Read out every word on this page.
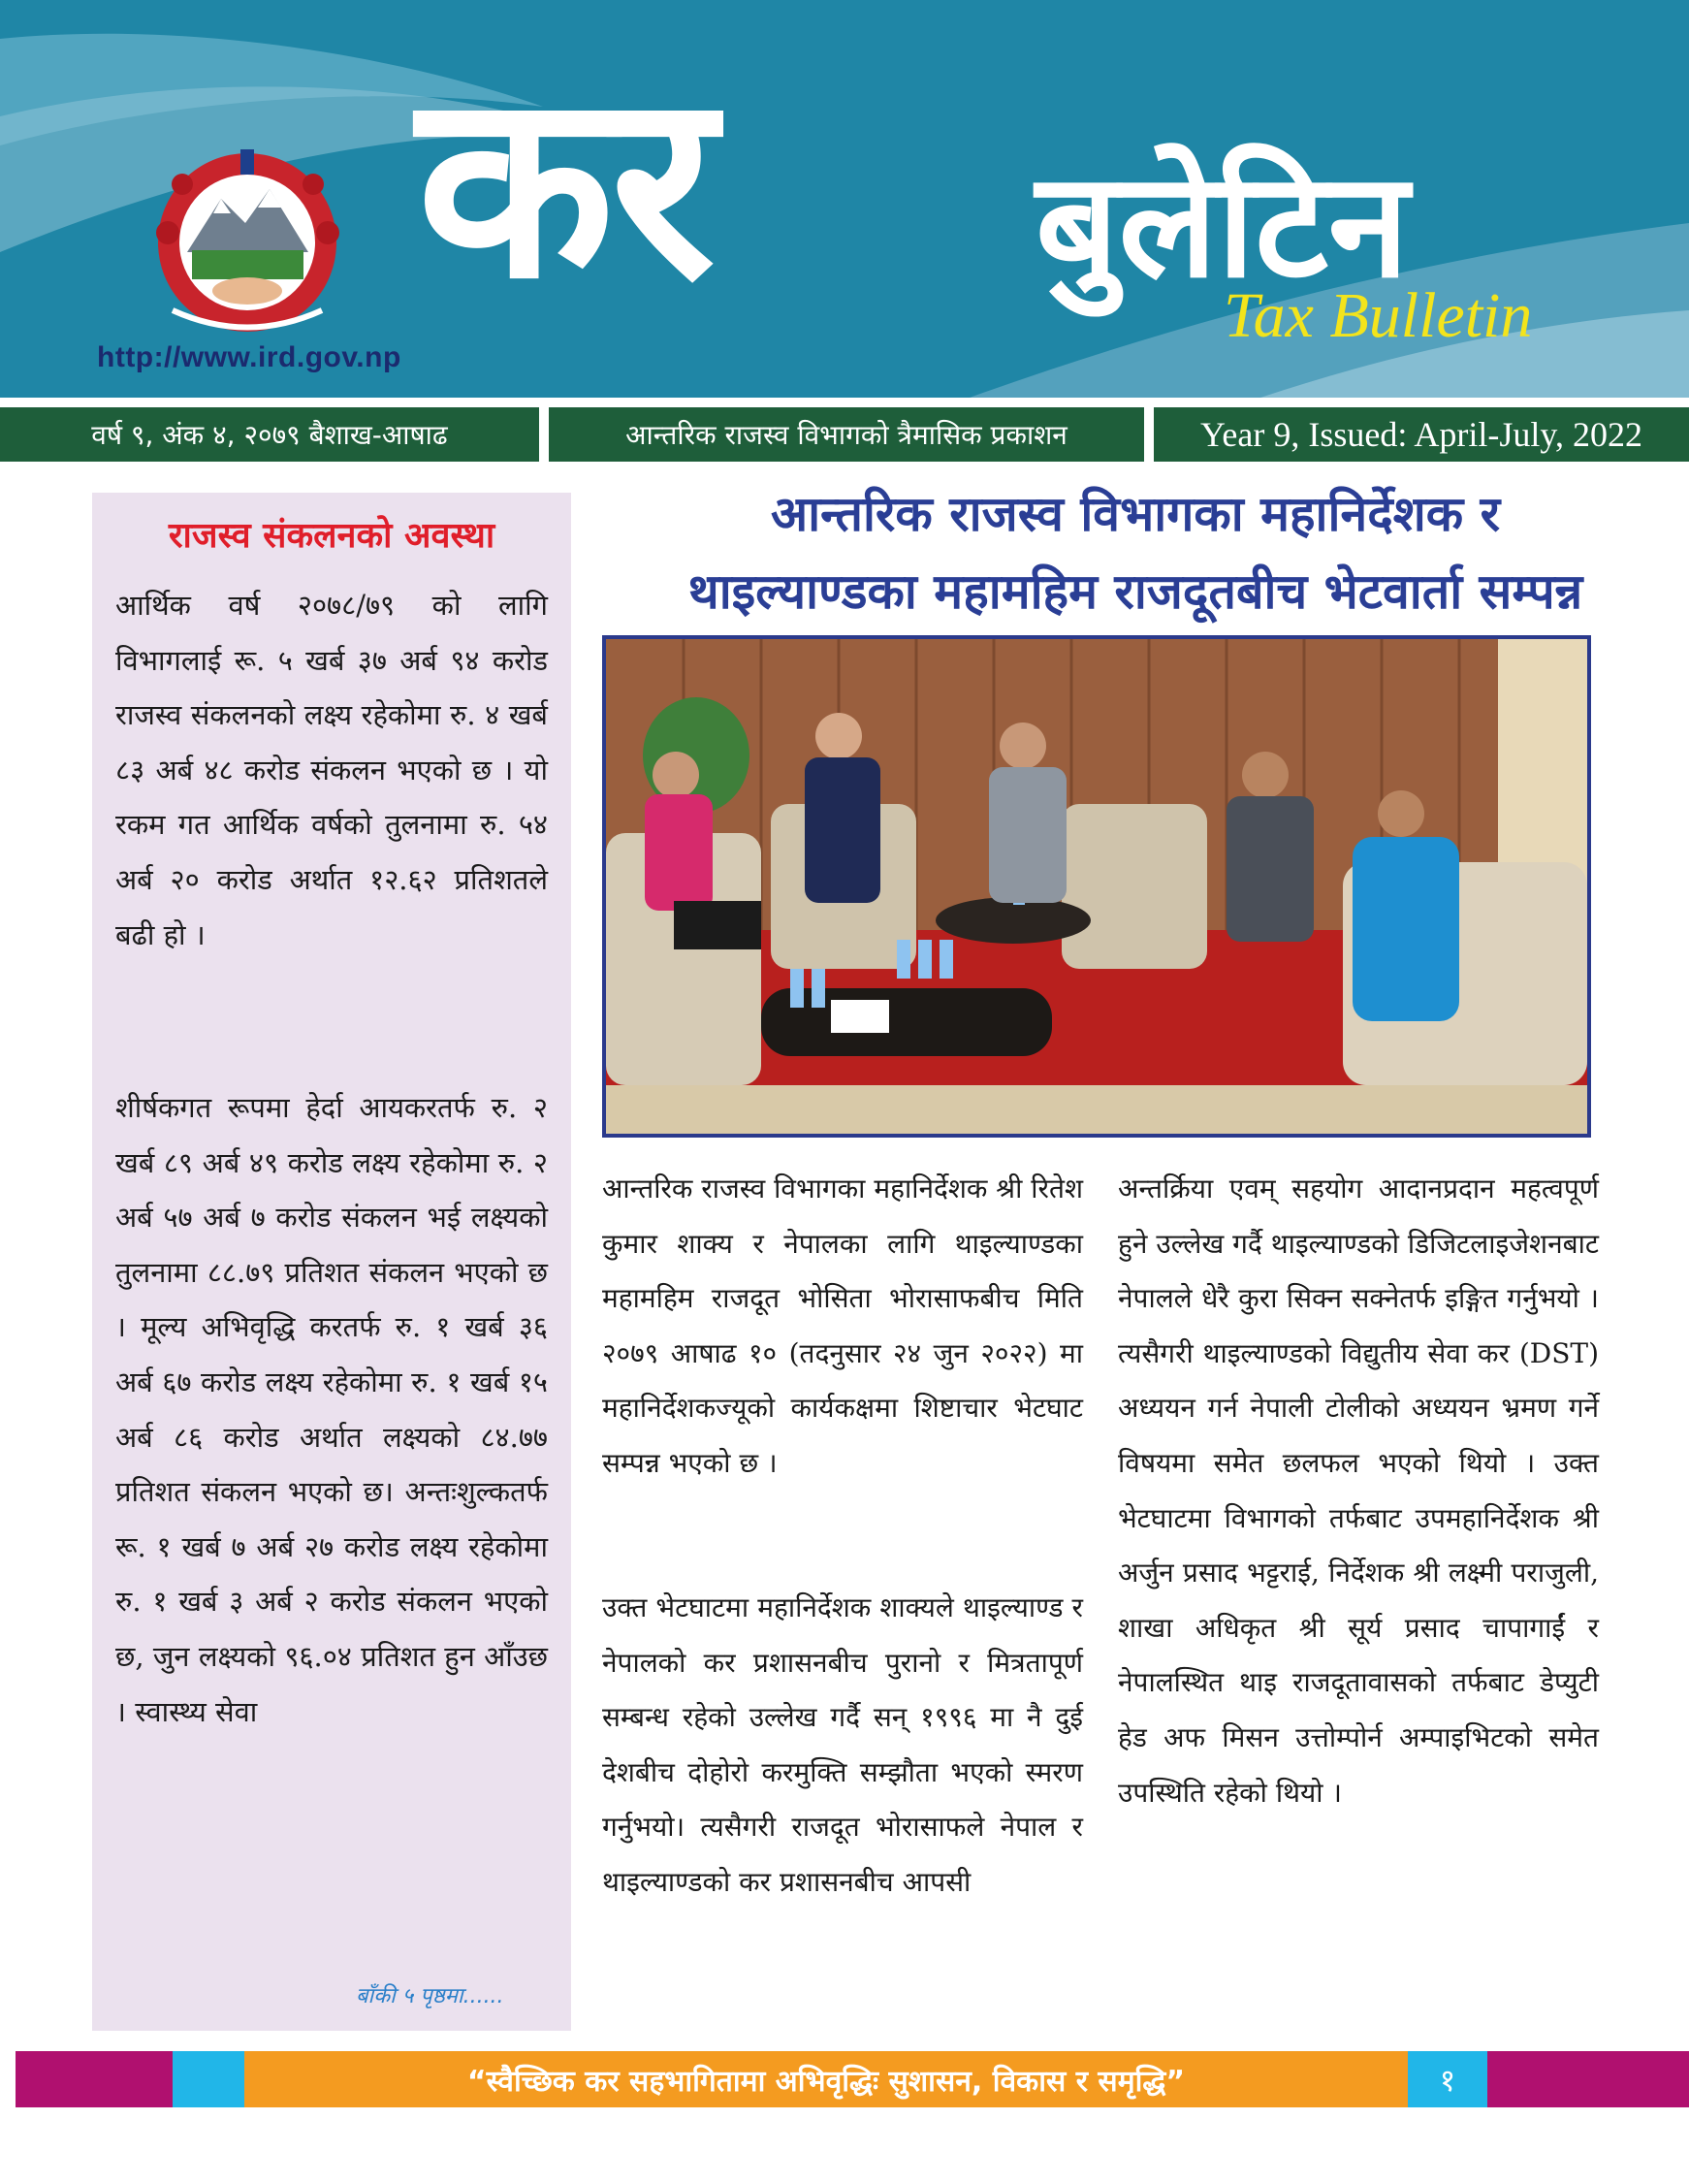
http://www.ird.gov.np
कर बुलेटिन
Tax Bulletin
वर्ष ९, अंक ४, २०७९ बैशाख-आषाढ	आन्तरिक राजस्व विभागको त्रैमासिक प्रकाशन	Year 9, Issued: April-July, 2022
राजस्व संकलनको अवस्था

आर्थिक वर्ष २०७८/७९ को लागि विभागलाई रू. ५ खर्ब ३७ अर्ब ९४ करोड राजस्व संकलनको लक्ष्य रहेकोमा रु. ४ खर्ब ८३ अर्ब ४८ करोड संकलन भएको छ । यो रकम गत आर्थिक वर्षको तुलनामा रु. ५४ अर्ब २० करोड अर्थात १२.६२ प्रतिशतले बढी हो ।

शीर्षकगत रूपमा हेर्दा आयकरतर्फ रु. २ खर्ब ८९ अर्ब ४९ करोड लक्ष्य रहेकोमा रु. २ अर्ब ५७ अर्ब ७ करोड संकलन भई लक्ष्यको तुलनामा ८८.७९ प्रतिशत संकलन भएको छ । मूल्य अभिवृद्धि करतर्फ रु. १ खर्ब ३६ अर्ब ६७ करोड लक्ष्य रहेकोमा रु. १ खर्ब १५ अर्ब ८६ करोड अर्थात लक्ष्यको ८४.७७ प्रतिशत संकलन भएको छ। अन्तःशुल्कतर्फ रू. १ खर्ब ७ अर्ब २७ करोड लक्ष्य रहेकोमा रु. १ खर्ब ३ अर्ब २ करोड संकलन भएको छ, जुन लक्ष्यको ९६.०४ प्रतिशत हुन आँउछ । स्वास्थ्य सेवा

बाँकी ५ पृष्ठमा......
आन्तरिक राजस्व विभागका महानिर्देशक र
थाइल्याण्डका महामहिम राजदूतबीच भेटवार्ता सम्पन्न

आन्तरिक राजस्व विभागका महानिर्देशक श्री रितेश कुमार शाक्य र नेपालका लागि थाइल्याण्डका महामहिम राजदूत भोसिता भोरासाफबीच मिति २०७९ आषाढ १० (तदनुसार २४ जुन २०२२) मा महानिर्देशकज्यूको कार्यकक्षमा शिष्टाचार भेटघाट सम्पन्न भएको छ ।

उक्त भेटघाटमा महानिर्देशक शाक्यले थाइल्याण्ड र नेपालको कर प्रशासनबीच पुरानो र मित्रतापूर्ण सम्बन्ध रहेको उल्लेख गर्दै सन् १९९६ मा नै दुई देशबीच दोहोरो करमुक्ति सम्झौता भएको स्मरण गर्नुभयो। त्यसैगरी राजदूत भोरासाफले नेपाल र थाइल्याण्डको कर प्रशासनबीच आपसी

अन्तर्क्रिया एवम् सहयोग आदानप्रदान महत्वपूर्ण हुने उल्लेख गर्दै थाइल्याण्डको डिजिटलाइजेशनबाट नेपालले धेरै कुरा सिक्न सक्नेतर्फ इङ्गित गर्नुभयो । त्यसैगरी थाइल्याण्डको विद्युतीय सेवा कर (DST) अध्ययन गर्न नेपाली टोलीको अध्ययन भ्रमण गर्ने विषयमा समेत छलफल भएको थियो । उक्त भेटघाटमा विभागको तर्फबाट उपमहानिर्देशक श्री अर्जुन प्रसाद भट्टराई, निर्देशक श्री लक्ष्मी पराजुली, शाखा अधिकृत श्री सूर्य प्रसाद चापागाईं र नेपालस्थित थाइ राजदूतावासको तर्फबाट डेप्युटी हेड अफ मिसन उत्तोम्पोर्न अम्पाइभिटको समेत उपस्थिति रहेको थियो ।

“स्वैच्छिक कर सहभागितामा अभिवृद्धिः सुशासन, विकास र समृद्धि”	१
